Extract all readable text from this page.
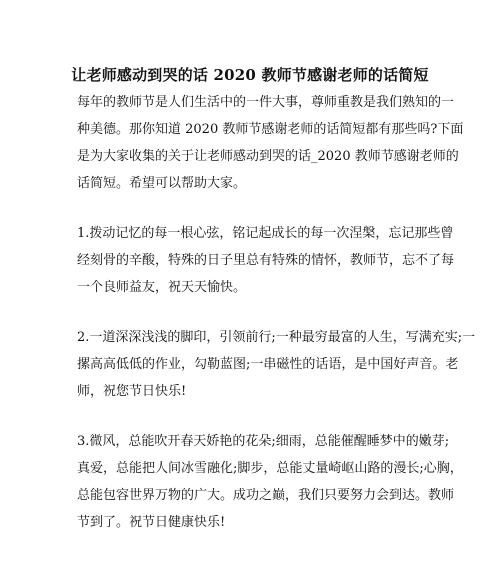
让老师感动到哭的话 2020 教师节感谢老师的话简短

每年的教师节是人们生活中的一件大事，尊师重教是我们熟知的一
种美德。那你知道 2020 教师节感谢老师的话简短都有那些吗?下面
是为大家收集的关于让老师感动到哭的话_2020 教师节感谢老师的
话简短。希望可以帮助大家。

1.拨动记忆的每一根心弦，铭记起成长的每一次涅槃，忘记那些曾
经刻骨的辛酸，特殊的日子里总有特殊的情怀，教师节，忘不了每
一个良师益友，祝天天愉快。

2.一道深深浅浅的脚印，引领前行;一种最穷最富的人生，写满充实;一
摞高高低低的作业，勾勒蓝图;一串磁性的话语，是中国好声音。老
师，祝您节日快乐!

3.微风，总能吹开春天娇艳的花朵;细雨，总能催醒睡梦中的嫩芽;
真爱，总能把人间冰雪融化;脚步，总能丈量崎岖山路的漫长;心胸，
总能包容世界万物的广大。成功之巅，我们只要努力会到达。教师
节到了。祝节日健康快乐!
